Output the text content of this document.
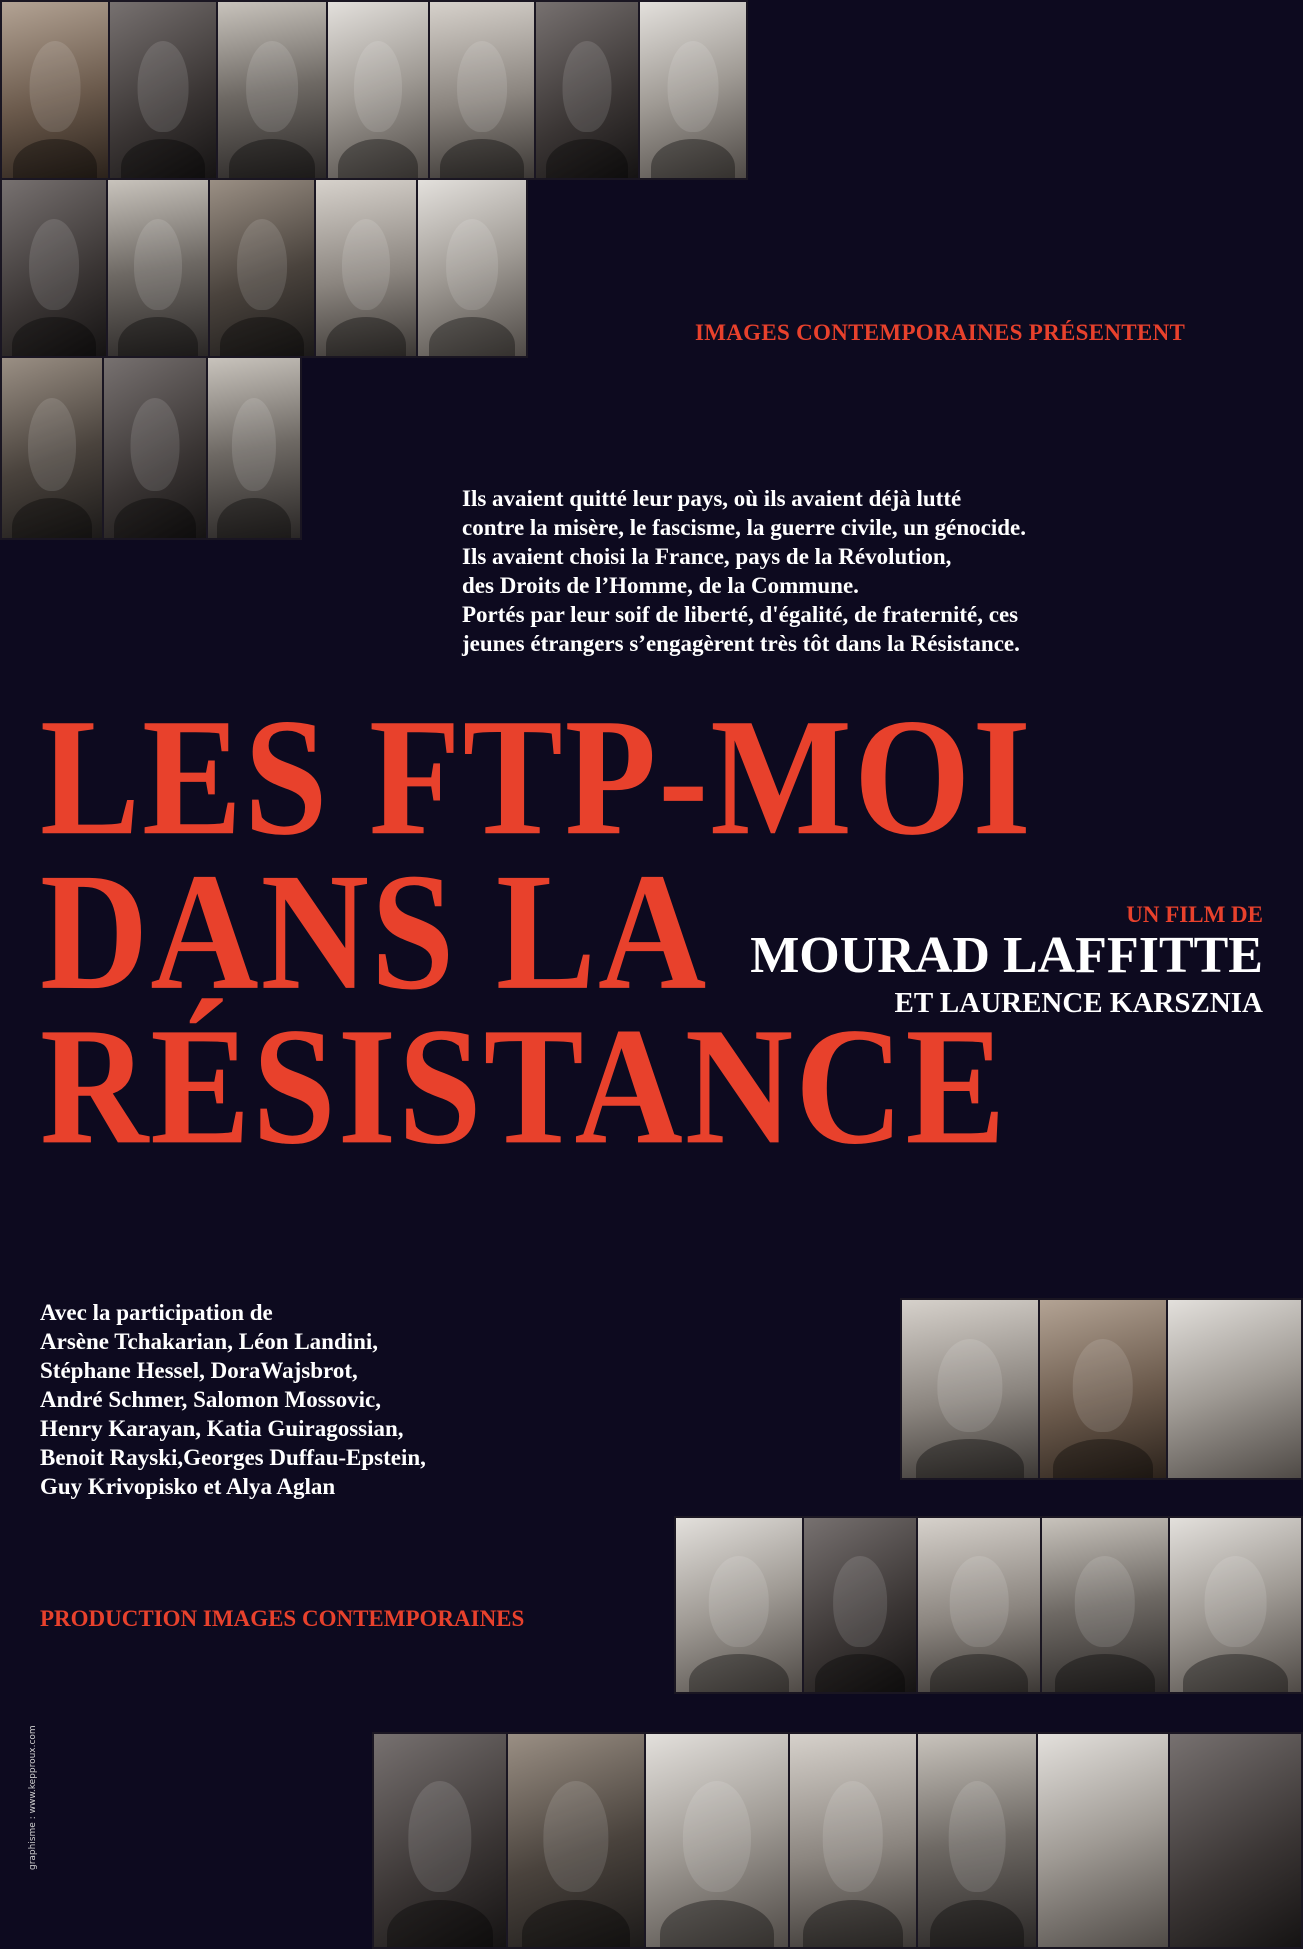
IMAGES CONTEMPORAINES PRÉSENTENT
Ils avaient quitté leur pays, où ils avaient déjà lutté
contre la misère, le fascisme, la guerre civile, un génocide.
Ils avaient choisi la France, pays de la Révolution,
des Droits de l’Homme, de la Commune.
Portés par leur soif de liberté, d'égalité, de fraternité, ces
jeunes étrangers s’engagèrent très tôt dans la Résistance.
LES FTP-MOI
DANS LA
RÉSISTANCE
UN FILM DE
MOURAD LAFFITTE
ET LAURENCE KARSZNIA
Avec la participation de
Arsène Tchakarian, Léon Landini,
Stéphane Hessel, DoraWajsbrot,
André Schmer, Salomon Mossovic,
Henry Karayan, Katia Guiragossian,
Benoit Rayski,Georges Duffau-Epstein,
Guy Krivopisko et Alya Aglan
PRODUCTION IMAGES CONTEMPORAINES
graphisme : www.kepproux.com
